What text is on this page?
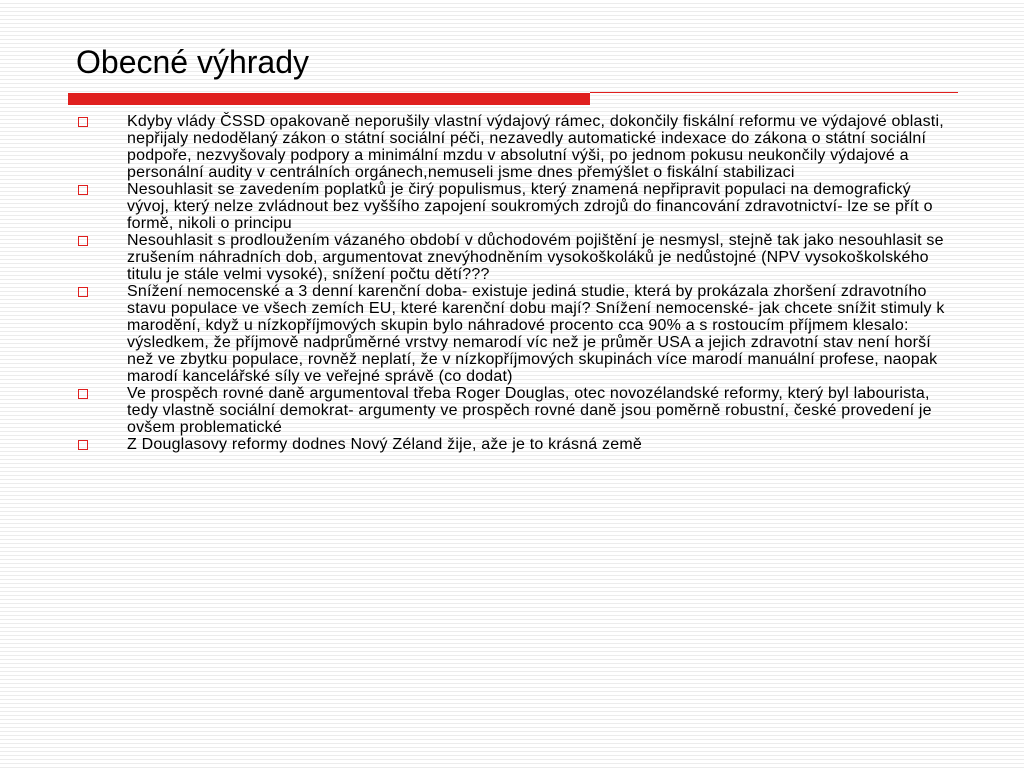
Obecné výhrady
Kdyby vlády ČSSD opakovaně neporušily vlastní výdajový rámec, dokončily fiskální reformu ve výdajové oblasti, nepřijaly nedodělaný zákon o státní sociální péči, nezavedly automatické indexace do zákona o státní sociální podpoře, nezvyšovaly podpory a minimální mzdu v absolutní výši, po jednom pokusu neukončily výdajové a personální audity v centrálních orgánech,nemuseli jsme dnes přemýšlet o fiskální stabilizaci
Nesouhlasit se zavedením poplatků je čirý populismus, který znamená nepřipravit populaci na demografický vývoj, který nelze zvládnout bez vyššího zapojení soukromých zdrojů do financování zdravotnictví- lze se přít o formě, nikoli o principu
Nesouhlasit s prodloužením vázaného období v důchodovém pojištění je nesmysl, stejně tak jako nesouhlasit se zrušením náhradních dob, argumentovat znevýhodněním vysokoškoláků je nedůstojné (NPV vysokoškolského titulu je stále velmi vysoké), snížení počtu dětí???
Snížení nemocenské a 3 denní karenční doba- existuje jediná studie, která by prokázala zhoršení zdravotního stavu populace ve všech zemích EU, které karenční dobu mají? Snížení nemocenské- jak chcete snížit stimuly k marodění, když u nízkopříjmových skupin bylo náhradové procento cca 90% a s rostoucím příjmem klesalo: výsledkem, že příjmově nadprůměrné vrstvy nemarodí víc než je průměr USA a jejich zdravotní stav není horší než ve zbytku populace, rovněž neplatí, že v nízkopříjmových skupinách více marodí manuální profese, naopak marodí kancelářské síly ve veřejné správě (co dodat)
Ve prospěch rovné daně argumentoval třeba Roger Douglas, otec novozélandské reformy, který byl labourista, tedy vlastně sociální demokrat- argumenty ve prospěch rovné daně jsou poměrně robustní, české provedení je ovšem problematické
Z Douglasovy reformy dodnes Nový Zéland žije, aže je to krásná země
